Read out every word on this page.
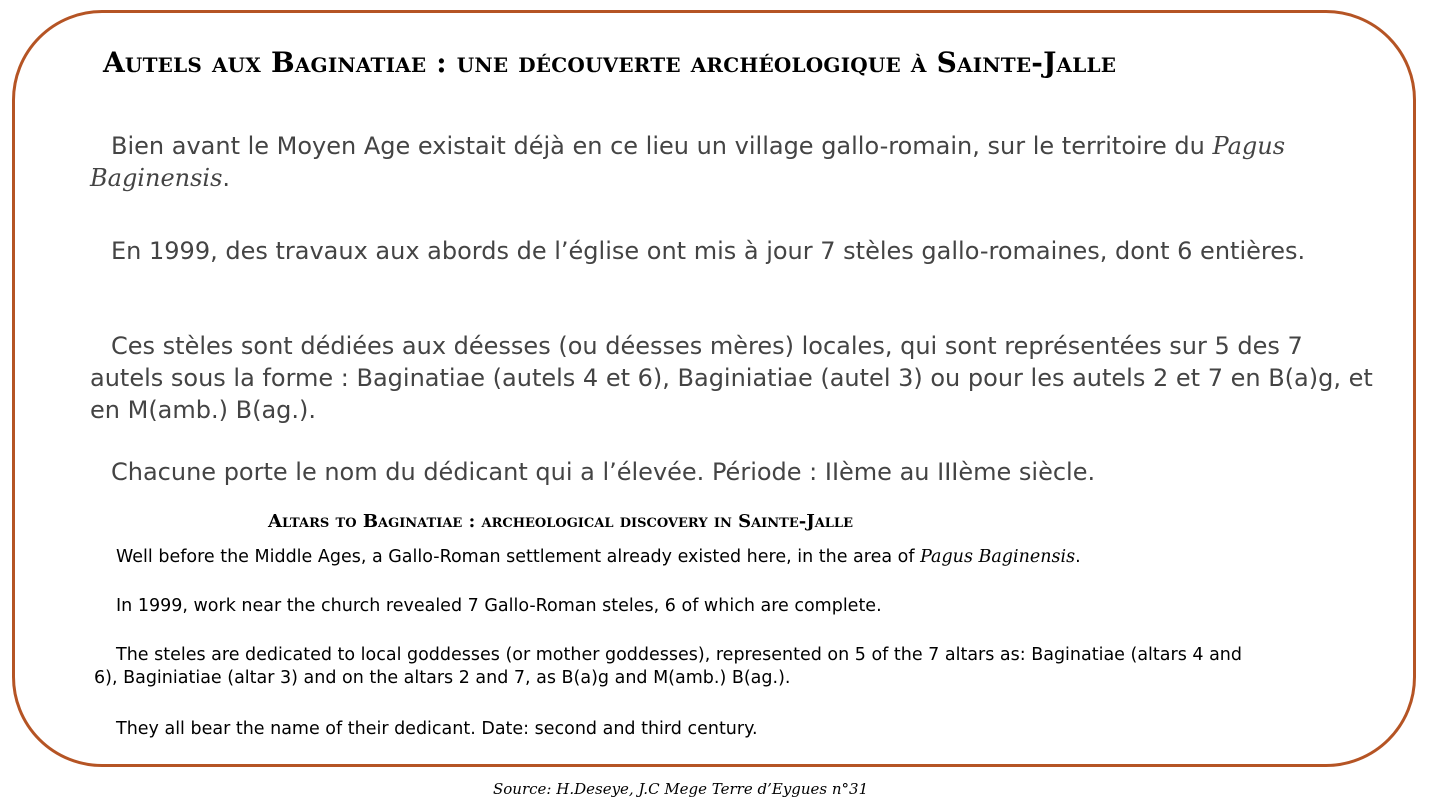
Autels aux Baginatiae : une découverte archéologique à Sainte-Jalle

Bien avant le Moyen Age existait déjà en ce lieu un village gallo-romain, sur le territoire du Pagus Baginensis.

En 1999, des travaux aux abords de l’église ont mis à jour 7 stèles gallo-romaines, dont 6 entières.

Ces stèles sont dédiées aux déesses (ou déesses mères) locales, qui sont représentées sur 5 des 7 autels sous la forme : Baginatiae (autels 4 et 6), Baginiatiae (autel 3) ou pour les autels 2 et 7 en B(a)g, et en M(amb.) B(ag.).

Chacune porte le nom du dédicant qui a l’élevée. Période : IIème au IIIème siècle.

Altars to Baginatiae : archeological discovery in Sainte-Jalle

Well before the Middle Ages, a Gallo-Roman settlement already existed here, in the area of Pagus Baginensis.

In 1999, work near the church revealed 7 Gallo-Roman steles, 6 of which are complete.

The steles are dedicated to local goddesses (or mother goddesses), represented on 5 of the 7 altars as: Baginatiae (altars 4 and 6), Baginiatiae (altar 3) and on the altars 2 and 7, as B(a)g and M(amb.) B(ag.).

They all bear the name of their dedicant. Date: second and third century.

Source: H.Deseye, J.C Mege Terre d’Eygues n°31
